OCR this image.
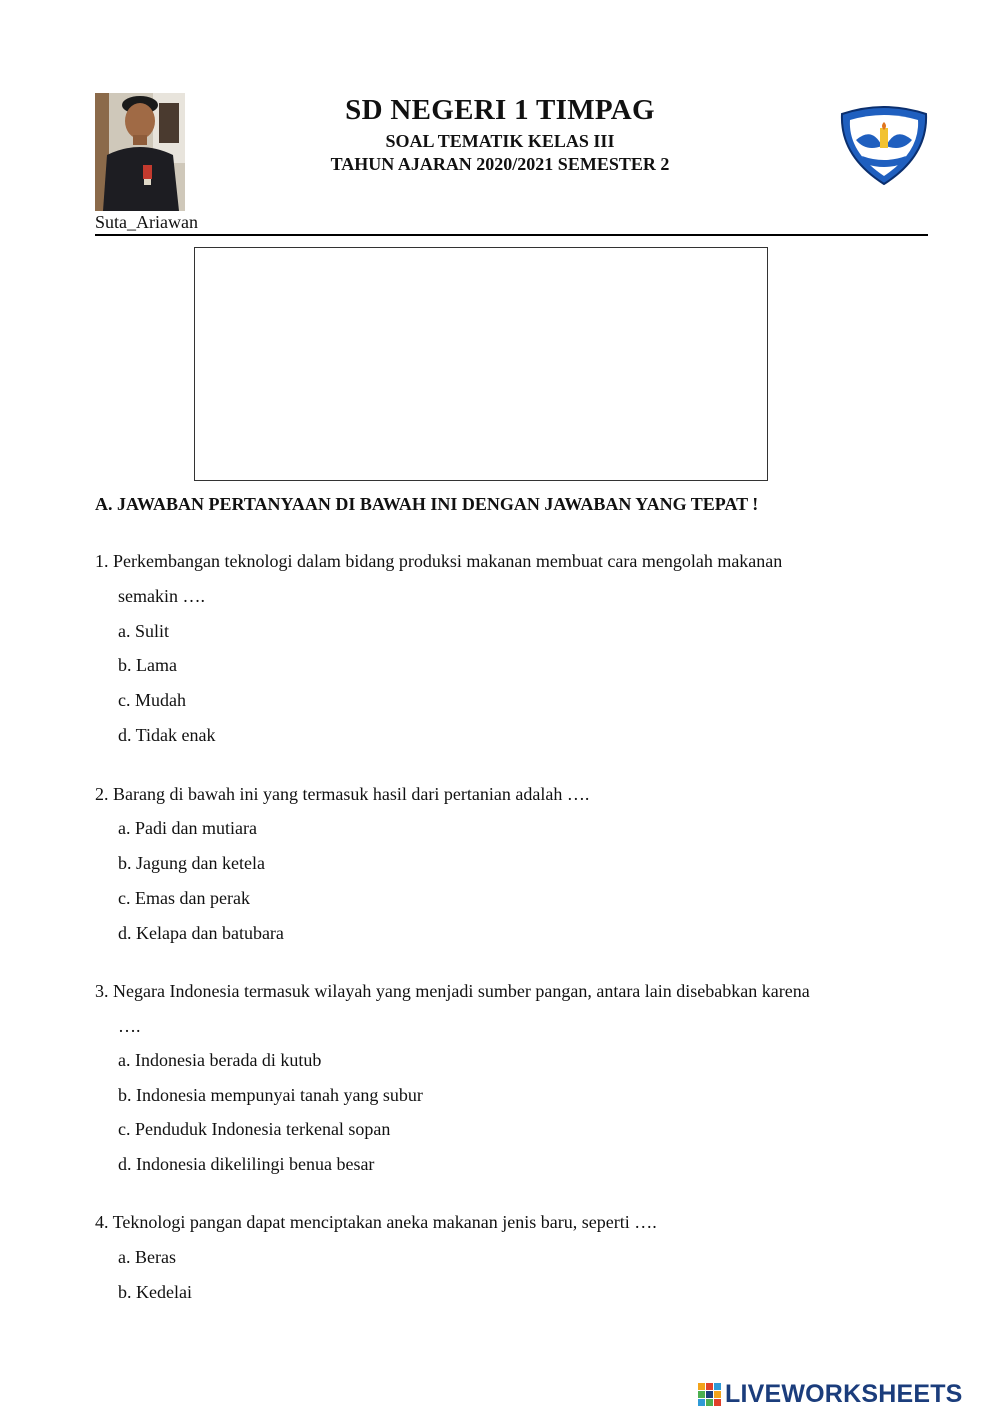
Suta_Ariawan
SD NEGERI 1 TIMPAG
SOAL TEMATIK KELAS III
TAHUN AJARAN 2020/2021 SEMESTER 2
A. JAWABAN PERTANYAAN DI BAWAH INI DENGAN JAWABAN YANG TEPAT !
1. Perkembangan teknologi dalam bidang produksi makanan membuat cara mengolah makanan
semakin ….
a. Sulit
b. Lama
c. Mudah
d. Tidak enak
2. Barang di bawah ini yang termasuk hasil dari pertanian adalah ….
a. Padi dan mutiara
b. Jagung dan ketela
c. Emas dan perak
d. Kelapa dan batubara
3. Negara Indonesia termasuk wilayah yang menjadi sumber pangan, antara lain disebabkan karena
….
a. Indonesia berada di kutub
b. Indonesia mempunyai tanah yang subur
c. Penduduk Indonesia terkenal sopan
d. Indonesia dikelilingi benua besar
4. Teknologi pangan dapat menciptakan aneka makanan jenis baru, seperti ….
a. Beras
b. Kedelai
LIVEWORKSHEETS
